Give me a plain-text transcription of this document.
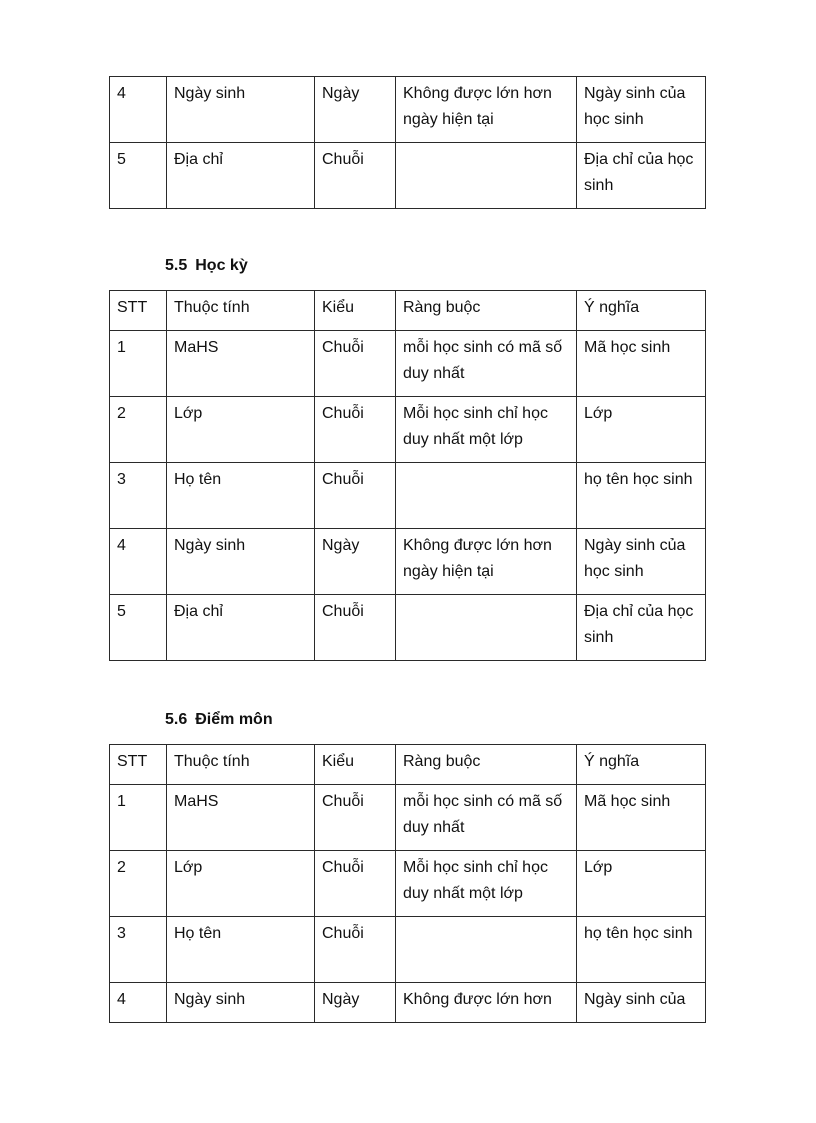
4	Ngày sinh	Ngày	Không được lớn hơn ngày hiện tại	Ngày sinh của học sinh
5	Địa chỉ	Chuỗi		Địa chỉ của học sinh
5.5 Học kỳ
STT	Thuộc tính	Kiểu	Ràng buộc	Ý nghĩa
1	MaHS	Chuỗi	mỗi học sinh có mã số duy nhất	Mã học sinh
2	Lớp	Chuỗi	Mỗi học sinh chỉ học duy nhất một lớp	Lớp
3	Họ tên	Chuỗi		họ tên học sinh
4	Ngày sinh	Ngày	Không được lớn hơn ngày hiện tại	Ngày sinh của học sinh
5	Địa chỉ	Chuỗi		Địa chỉ của học sinh
5.6 Điểm môn
STT	Thuộc tính	Kiểu	Ràng buộc	Ý nghĩa
1	MaHS	Chuỗi	mỗi học sinh có mã số duy nhất	Mã học sinh
2	Lớp	Chuỗi	Mỗi học sinh chỉ học duy nhất một lớp	Lớp
3	Họ tên	Chuỗi		họ tên học sinh
4	Ngày sinh	Ngày	Không được lớn hơn	Ngày sinh của
